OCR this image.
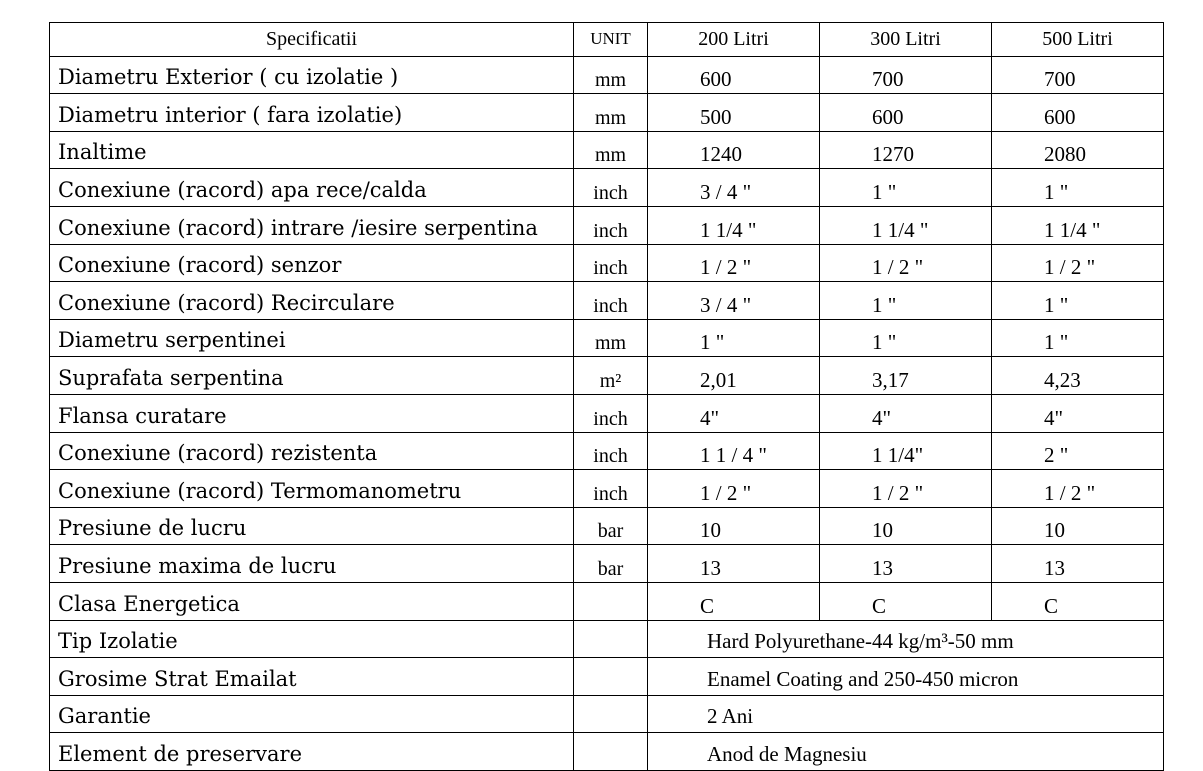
Specificatii	UNIT	200 Litri	300 Litri	500 Litri
Diametru Exterior ( cu izolatie )	mm	600	700	700
Diametru interior ( fara izolatie)	mm	500	600	600
Inaltime	mm	1240	1270	2080
Conexiune (racord) apa rece/calda	inch	3 / 4 "	1 "	1 "
Conexiune (racord) intrare /iesire serpentina	inch	1 1/4 "	1 1/4 "	1 1/4 "
Conexiune (racord) senzor	inch	1 / 2 "	1 / 2 "	1 / 2 "
Conexiune (racord) Recirculare	inch	3 / 4 "	1 "	1 "
Diametru serpentinei	mm	1 "	1 "	1 "
Suprafata serpentina	m²	2,01	3,17	4,23
Flansa curatare	inch	4"	4"	4"
Conexiune (racord) rezistenta	inch	1 1 / 4 "	1 1/4"	2 "
Conexiune (racord) Termomanometru	inch	1 / 2 "	1 / 2 "	1 / 2 "
Presiune de lucru	bar	10	10	10
Presiune maxima de lucru	bar	13	13	13
Clasa Energetica		C	C	C
Tip Izolatie		Hard Polyurethane-44 kg/m³-50 mm		
Grosime Strat Emailat		Enamel Coating and 250-450 micron		
Garantie		2 Ani		
Element de preservare		Anod de Magnesiu		
